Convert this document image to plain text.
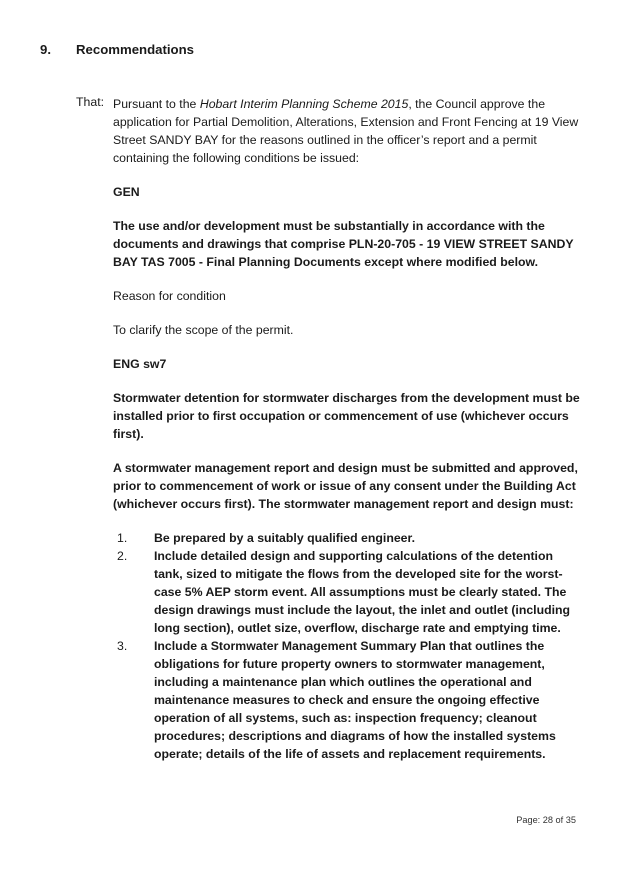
9. Recommendations
That: Pursuant to the Hobart Interim Planning Scheme 2015, the Council approve the application for Partial Demolition, Alterations, Extension and Front Fencing at 19 View Street SANDY BAY for the reasons outlined in the officer’s report and a permit containing the following conditions be issued:

GEN

The use and/or development must be substantially in accordance with the documents and drawings that comprise PLN-20-705 - 19 VIEW STREET SANDY BAY TAS 7005 - Final Planning Documents except where modified below.

Reason for condition

To clarify the scope of the permit.

ENG sw7

Stormwater detention for stormwater discharges from the development must be installed prior to first occupation or commencement of use (whichever occurs first).

A stormwater management report and design must be submitted and approved, prior to commencement of work or issue of any consent under the Building Act (whichever occurs first). The stormwater management report and design must:

1.	Be prepared by a suitably qualified engineer.
2.	Include detailed design and supporting calculations of the detention tank, sized to mitigate the flows from the developed site for the worst-case 5% AEP storm event. All assumptions must be clearly stated. The design drawings must include the layout, the inlet and outlet (including long section), outlet size, overflow, discharge rate and emptying time.
3.	Include a Stormwater Management Summary Plan that outlines the obligations for future property owners to stormwater management, including a maintenance plan which outlines the operational and maintenance measures to check and ensure the ongoing effective operation of all systems, such as: inspection frequency; cleanout procedures; descriptions and diagrams of how the installed systems operate; details of the life of assets and replacement requirements.
Page: 28 of 35
